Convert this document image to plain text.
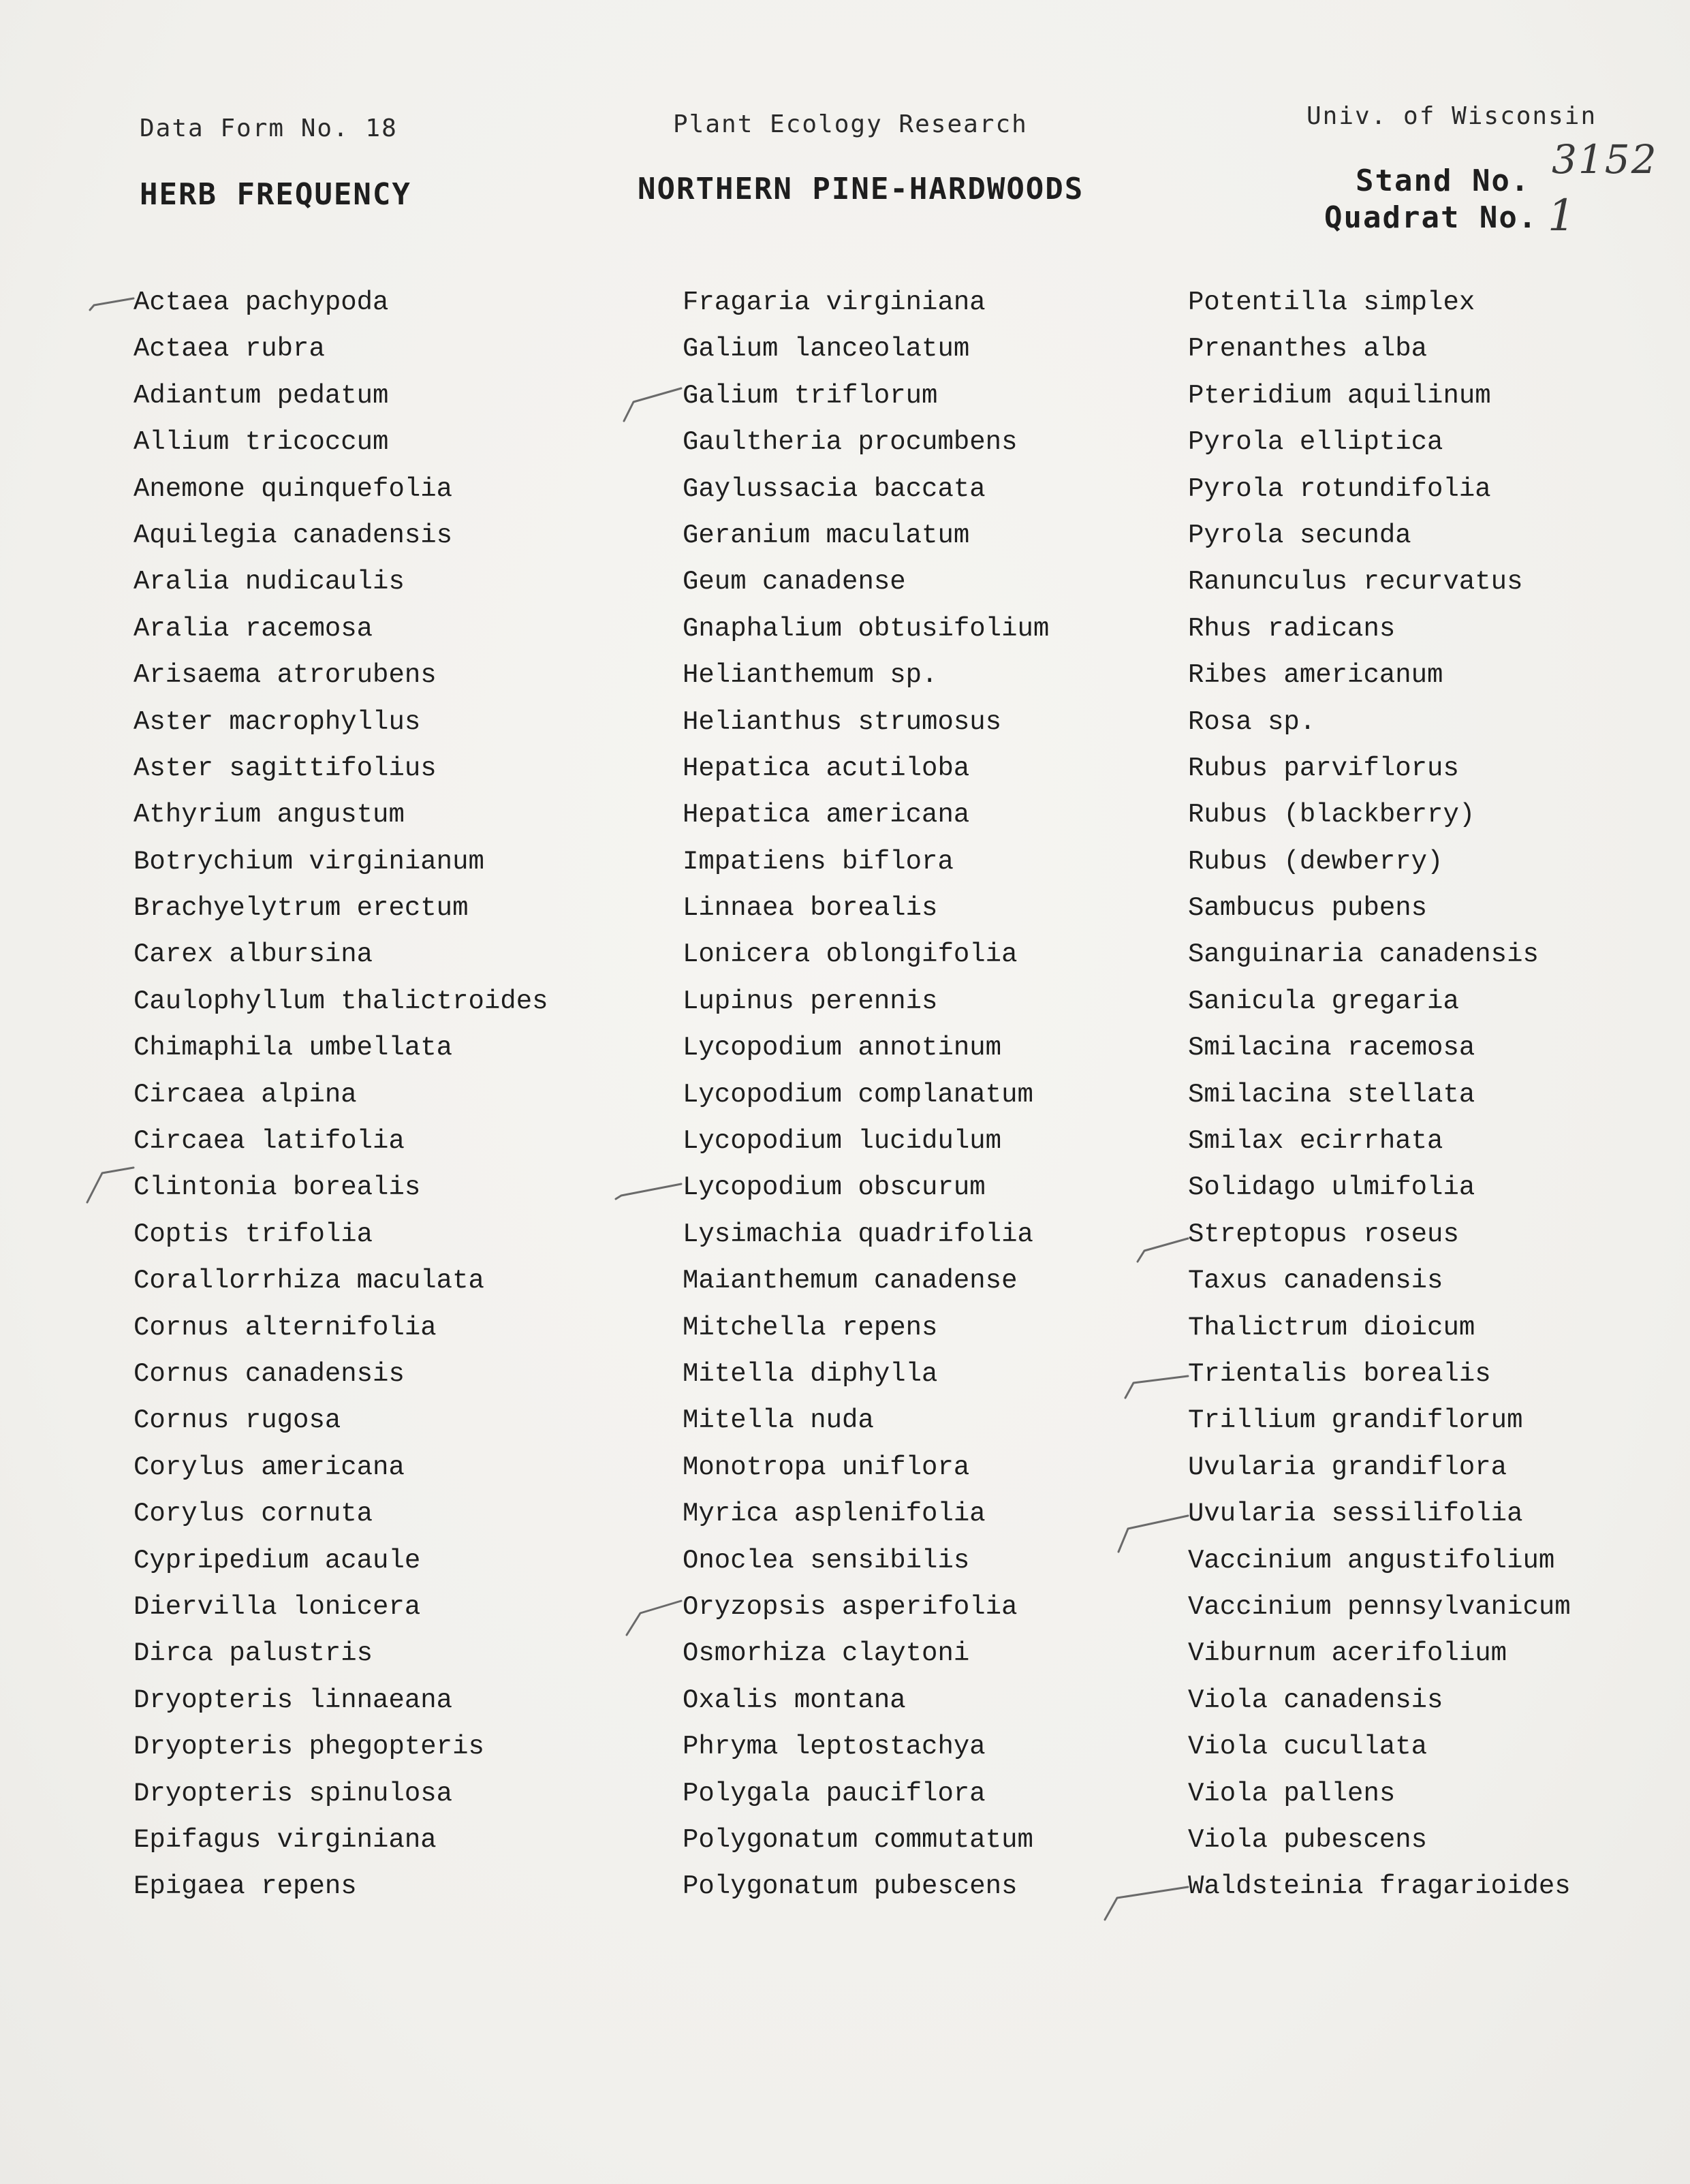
Data Form No. 18	Plant Ecology Research	Univ. of Wisconsin
HERB FREQUENCY	NORTHERN PINE-HARDWOODS	Stand No.
Quadrat No.
3152
1
Actaea pachypoda
Actaea rubra
Adiantum pedatum
Allium tricoccum
Anemone quinquefolia
Aquilegia canadensis
Aralia nudicaulis
Aralia racemosa
Arisaema atrorubens
Aster macrophyllus
Aster sagittifolius
Athyrium angustum
Botrychium virginianum
Brachyelytrum erectum
Carex albursina
Caulophyllum thalictroides
Chimaphila umbellata
Circaea alpina
Circaea latifolia
Clintonia borealis
Coptis trifolia
Corallorrhiza maculata
Cornus alternifolia
Cornus canadensis
Cornus rugosa
Corylus americana
Corylus cornuta
Cypripedium acaule
Diervilla lonicera
Dirca palustris
Dryopteris linnaeana
Dryopteris phegopteris
Dryopteris spinulosa
Epifagus virginiana
Epigaea repens
Fragaria virginiana
Galium lanceolatum
Galium triflorum
Gaultheria procumbens
Gaylussacia baccata
Geranium maculatum
Geum canadense
Gnaphalium obtusifolium
Helianthemum sp.
Helianthus strumosus
Hepatica acutiloba
Hepatica americana
Impatiens biflora
Linnaea borealis
Lonicera oblongifolia
Lupinus perennis
Lycopodium annotinum
Lycopodium complanatum
Lycopodium lucidulum
Lycopodium obscurum
Lysimachia quadrifolia
Maianthemum canadense
Mitchella repens
Mitella diphylla
Mitella nuda
Monotropa uniflora
Myrica asplenifolia
Onoclea sensibilis
Oryzopsis asperifolia
Osmorhiza claytoni
Oxalis montana
Phryma leptostachya
Polygala pauciflora
Polygonatum commutatum
Polygonatum pubescens
Potentilla simplex
Prenanthes alba
Pteridium aquilinum
Pyrola elliptica
Pyrola rotundifolia
Pyrola secunda
Ranunculus recurvatus
Rhus radicans
Ribes americanum
Rosa sp.
Rubus parviflorus
Rubus (blackberry)
Rubus (dewberry)
Sambucus pubens
Sanguinaria canadensis
Sanicula gregaria
Smilacina racemosa
Smilacina stellata
Smilax ecirrhata
Solidago ulmifolia
Streptopus roseus
Taxus canadensis
Thalictrum dioicum
Trientalis borealis
Trillium grandiflorum
Uvularia grandiflora
Uvularia sessilifolia
Vaccinium angustifolium
Vaccinium pennsylvanicum
Viburnum acerifolium
Viola canadensis
Viola cucullata
Viola pallens
Viola pubescens
Waldsteinia fragarioides
